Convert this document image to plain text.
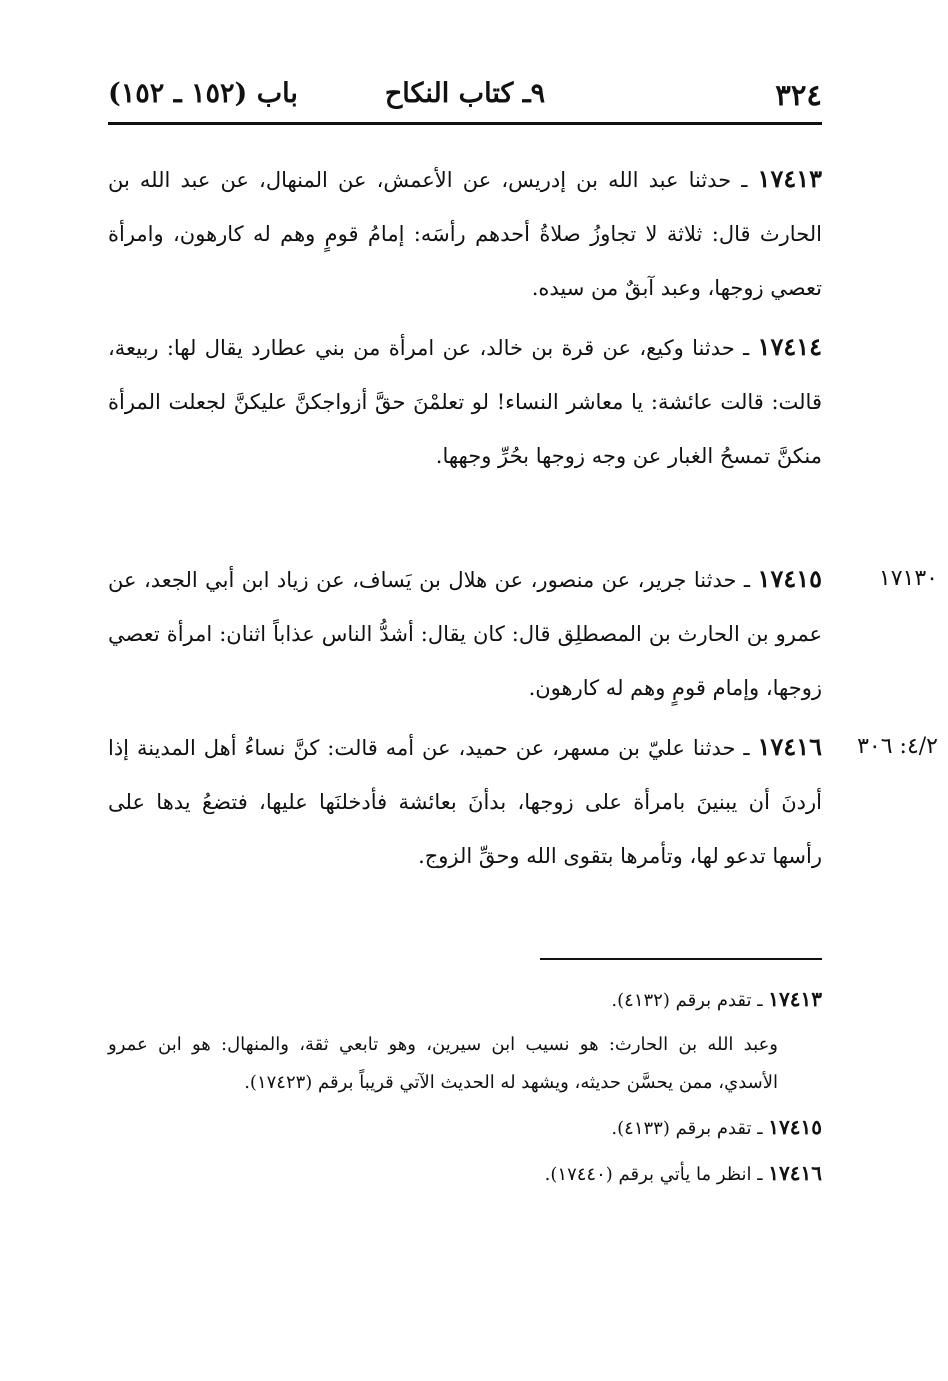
٣٢٤
٩ـ كتاب النكاح
باب (١٥٢ ـ ١٥٢)
١٧٤١٣ ـ حدثنا عبد الله بن إدريس، عن الأعمش، عن المنهال، عن عبد الله بن الحارث قال: ثلاثة لا تجاوزُ صلاةُ أحدهم رأسَه: إمامُ قومٍ وهم له كارهون، وامرأة تعصي زوجها، وعبد آبقٌ من سيده.
١٧٤١٤ ـ حدثنا وكيع، عن قرة بن خالد، عن امرأة من بني عطارد يقال لها: ربيعة، قالت: قالت عائشة: يا معاشر النساء! لو تعلمْنَ حقَّ أزواجكنَّ عليكنَّ لجعلت المرأة منكنَّ تمسحُ الغبار عن وجه زوجها بحُرِّ وجهها.
١٧١٣٠
١٧٤١٥ ـ حدثنا جرير، عن منصور، عن هلال بن يَساف، عن زياد ابن أبي الجعد، عن عمرو بن الحارث بن المصطلِق قال: كان يقال: أشدُّ الناس عذاباً اثنان: امرأة تعصي زوجها، وإمام قومٍ وهم له كارهون.
٤/٢: ٣٠٦
١٧٤١٦ ـ حدثنا عليّ بن مسهر، عن حميد، عن أمه قالت: كنَّ نساءُ أهل المدينة إذا أردنَ أن يبنينَ بامرأة على زوجها، بدأنَ بعائشة فأدخلنَها عليها، فتضعُ يدها على رأسها تدعو لها، وتأمرها بتقوى الله وحقِّ الزوج.

١٧٤١٣ ـ تقدم برقم (٤١٣٢).

وعبد الله بن الحارث: هو نسيب ابن سيرين، وهو تابعي ثقة، والمنهال: هو ابن عمرو الأسدي، ممن يحسَّن حديثه، ويشهد له الحديث الآتي قريباً برقم (١٧٤٢٣).

١٧٤١٥ ـ تقدم برقم (٤١٣٣).

١٧٤١٦ ـ انظر ما يأتي برقم (١٧٤٤٠).
